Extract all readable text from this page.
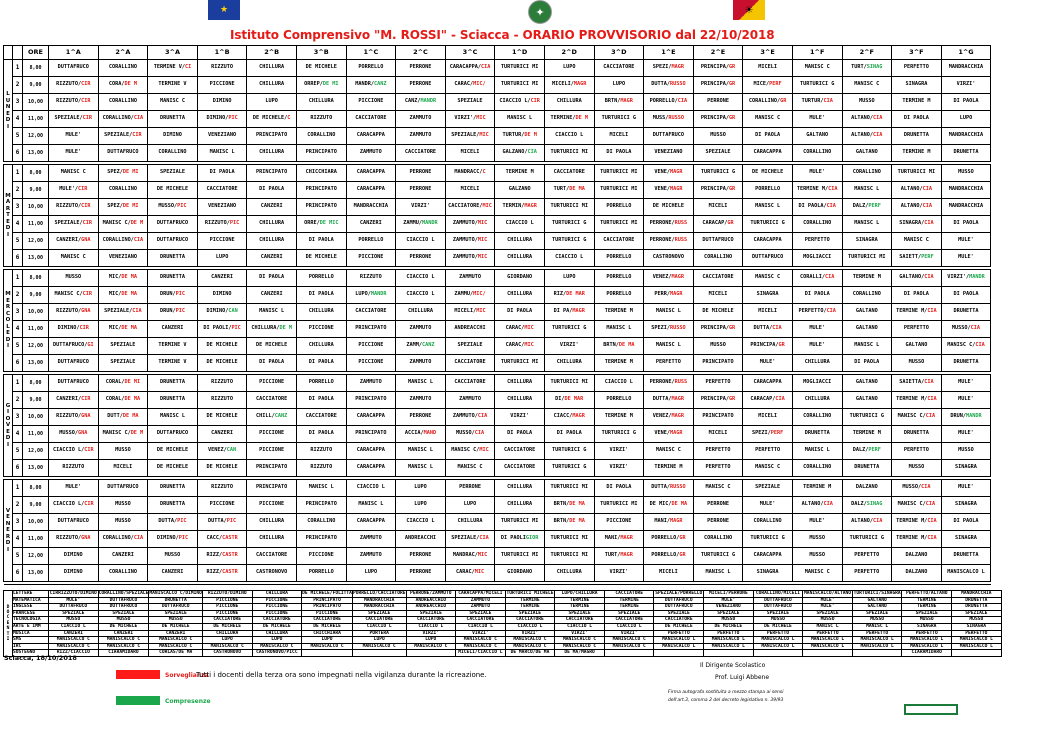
★	✦	☀
Istituto Comprensivo "M. ROSSI" - Sciacca - ORARIO PROVVISORIO dal 22/10/2018
		ORE	1^A	2^A	3^A	1^B	2^B	3^B	1^C	2^C	3^C	1^D	2^D	3^D	1^E	2^E	3^E	1^F	2^F	3^F	1^G
L U N E D I	1	8,00	DUTTAFRUCO	CORALLINO	TERMINE V/CI	RIZZUTO	CHILLURA	DE MICHELE	PORRELLO	PERRONE	CARACAPPA/CIA	TURTURICI MI	LUPO	CACCIATORE	SPEZI/MAGR	PRINCIPA/GR	MICELI	MANISC C	TURT/SINAG	PERFETTO	MANDRACCHIA
	2	9,00	RIZZUTO/CIR	CORA/DE M	TERMINE V	PICCIONE	CHILLURA	ORREP/DE MI	MANDR/CANZ	PERRONE	CARAC/MIC/	TURTURICI MI	MICELI/MAGR	LUPO	DUTTA/RUSSO	PRINCIPA/GR	MICE/PERF	TURTURICI G	MANISC C	SINAGRA	VIRZI'
	3	10,00	RIZZUTO/CIR	CORALLINO	MANISC C	DIMINO	LUPO	CHILLURA	PICCIONE	CANZ/MANDR	SPEZIALE	CIACCIO L/CIR	CHILLURA	BRTN/MAGR	PORRELLO/CIA	PERRONE	CORALLINO/GR	TURTUR/CIA	MUSSO	TERMINE M	DI PAOLA
	4	11,00	SPEZIALE/CIR	CORALLINO/CIA	DRUNETTA	DIMINO/PIC	DE MICHELE/C	RIZZUTO	CACCIATORE	ZAMMUTO	VIRZI'/MIC	MANISC L	TERMINE/DE M	TURTURICI G	MUSS/RUSSO	PRINCIPA/GR	MANISC C	MULE'	ALTANO/CIA	DI PAOLA	LUPO
	5	12,00	MULE'	SPEZIALE/CIR	DIMINO	VENEZIANO	PRINCIPATO	CORALLINO	CARACAPPA	ZAMMUTO	SPEZIALE/MIC	TURTUR/DE M	CIACCIO L	MICELI	DUTTAFRUCO	MUSSO	DI PAOLA	GALTANO	ALTANO/CIA	DRUNETTA	MANDRACCHIA
	6	13,00	MULE'	DUTTAFRUCO	CORALLINO	MANISC L	CHILLURA	PRINCIPATO	ZAMMUTO	CACCIATORE	MICELI	GALZANO/CIA	TURTURICI MI	DI PAOLA	VENEZIANO	SPEZIALE	CARACAPPA	CORALLINO	GALTANO	TERMINE M	DRUNETTA

M A R T E D I	1	8,00	MANISC C	SPEZ/DE MI	SPEZIALE	DI PAOLA	PRINCIPATO	CHICCHIARA	CARACAPPA	PERRONE	MANDRACC/C	TERMINE M	CACCIATORE	TURTURICI MI	VENE/MAGR	TURTURICI G	DE MICHELE	MULE'	CORALLINO	TURTURICI MI	MUSSO
	2	9,00	MULE'/CIR	CORALLINO	DE MICHELE	CACCIATORE	DI PAOLA	PRINCIPATO	CARACAPPA	PERRONE	MICELI	GALZANO	TURT/DE MA	TURTURICI MI	VENE/MAGR	PRINCIPA/GR	PORRELLO	TERMINE M/CIA	MANISC L	ALTANO/CIA	MANDRACCHIA
	3	10,00	RIZZUTO/CIR	SPEZ/DE MI	MUSSO/PIC	VENEZIANO	CANZERI	PRINCIPATO	MANDRACCHIA	VIRZI'	CACCIATORE/MIC	TERMIN/MAGR	TURTURICI MI	PORRELLO	DE MICHELE	MICELI	MANISC L	DI PAOLA/CIA	DALZ/PERF	ALTANO/CIA	MANDRACCHIA
	4	11,00	SPEZIALE/CIR	MANISC C/DE M	DUTTAFRUCO	RIZZUTO/PIC	CHILLURA	ORRE/DE MIC	CANZERI	ZAMMU/MANDR	ZAMMUTO/MIC	CIACCIO L	TURTURICI G	TURTURICI MI	PERRONE/RUSS	CARACAP/GR	TURTURICI G	CORALLINO	MANISC L	SINAGRA/CIA	DI PAOLA
	5	12,00	CANZERI/GNA	CORALLINO/CIA	DUTTAFRUCO	PICCIONE	CHILLURA	DI PAOLA	PORRELLO	CIACCIO L	ZAMMUTO/MIC	CHILLURA	TURTURICI G	CACCIATORE	PERRONE/RUSS	DUTTAFRUCO	CARACAPPA	PERFETTO	SINAGRA	MANISC C	MULE'
	6	13,00	MANISC C	VENEZIANO	DRUNETTA	LUPO	CANZERI	DE MICHELE	PICCIONE	PERRONE	ZAMMUTO/MIC	CHILLURA	CIACCIO L	PORRELLO	CASTRONOVO	CORALLINO	DUTTAFRUCO	MOGLIACCI	TURTURICI MI	SAIETT/PERF	MULE'

M E R C O L E D I	1	8,00	MUSSO	MIC/DE MA	DRUNETTA	CANZERI	DI PAOLA	PORRELLO	RIZZUTO	CIACCIO L	ZAMMUTO	GIORDANO	LUPO	PORRELLO	VENEZ/MAGR	CACCIATORE	MANISC C	CORALLI/CIA	TERMINE M	GALTANO/CIA	VIRZI'/MANDR
	2	9,00	MANISC C/CIR	MIC/DE MA	DRUN/PIC	DIMINO	CANZERI	DI PAOLA	LUPO/MANDR	CIACCIO L	ZAMMU/MIC/	CHILLURA	RIZ/DE MAR	PORRELLO	PERR/MAGR	MICELI	SINAGRA	DI PAOLA	CORALLINO	DI PAOLA	DI PAOLA
	3	10,00	RIZZUTO/GNA	SPEZIALE/CIA	DRUN/PIC	DIMINO/CAN	MANISC L	CHILLURA	CACCIATORE	CHILLURA	MICELI/MIC	DI PAOLA	DI PA/MAGR	TERMINE M	MANISC L	DE MICHELE	MICELI	PERFETTO/CIA	GALTANO	TERMINE M/CIA	DRUNETTA
	4	11,00	DIMINO/CIR	MIC/DE MA	CANZERI	DI PAOLI/PIC	CHILLURA/DE M	PICCIONE	PRINCIPATO	ZAMMUTO	ANDREACCHI	CARAC/MIC	TURTURICI G	MANISC L	SPEZI/RUSSO	PRINCIPA/GR	DUTTA/CIA	MULE'	GALTANO	PERFETTO	MUSSO/CIA
	5	12,00	DUTTAFRUCO/GI	SPEZIALE	TERMINE V	DE MICHELE	DE MICHELE	CHILLURA	PICCIONE	ZAMM/CANZ	SPEZIALE	CARAC/MIC	VIRZI'	BRTN/DE MA	MANISC L	MUSSO	PRINCIPA/GR	MULE'	MANISC L	GALTANO	MANISC C/CIA
	6	13,00	DUTTAFRUCO	SPEZIALE	TERMINE V	DE MICHELE	DI PAOLA	DI PAOLA	PICCIONE	ZAMMUTO	CACCIATORE	TURTURICI MI	CHILLURA	TERMINE M	PERFETTO	PRINCIPATO	MULE'	CHILLURA	DI PAOLA	MUSSO	DRUNETTA

G I O V E D I	1	8,00	DUTTAFRUCO	CORAL/DE MI	DRUNETTA	RIZZUTO	PICCIONE	PORRELLO	ZAMMUTO	MANISC L	CACCIATORE	CHILLURA	TURTURICI MI	CIACCIO L	PERRONE/RUSS	PERFETTO	CARACAPPA	MOGLIACCI	GALTANO	SAIETTA/CIA	MULE'
	2	9,00	CANZERI/CIR	CORAL/DE MA	DRUNETTA	RIZZUTO	CACCIATORE	DI PAOLA	PRINCIPATO	ZAMMUTO	ZAMMUTO	CHILLURA	DI/DE MAR	PORRELLO	DUTTA/MAGR	PRINCIPA/GR	CARACAP/CIA	CHILLURA	GALTANO	TERMINE M/CIA	MULE'
	3	10,00	RIZZUTO/GNA	DUTT/DE MA	MANISC L	DE MICHELE	CHILL/CANZ	CACCIATORE	CARACAPPA	PERRONE	ZAMMUTO/CIA	VIRZI'	CIACC/MAGR	TERMINE M	VENEZ/MAGR	PRINCIPATO	MICELI	CORALLINO	TURTURICI G	MANISC C/CIA	DRUN/MANDR
	4	11,00	MUSSO/GNA	MANISC C/DE M	DUTTAFRUCO	CANZERI	PICCIONE	DI PAOLA	PRINCIPATO	ACCIA/MAND	MUSSO/CIA	DI PAOLA	DI PAOLA	TURTURICI G	VENE/MAGR	MICELI	SPEZI/PERF	DRUNETTA	TERMINE M	DRUNETTA	MULE'
	5	12,00	CIACCIO L/CIR	MUSSO	DE MICHELE	VENEZ/CAN	PICCIONE	RIZZUTO	CARACAPPA	MANISC L	MANISC C/MIC	CACCIATORE	TURTURICI G	VIRZI'	MANISC C	PERFETTO	PERFETTO	MANISC L	DALZ/PERF	PERFETTO	MUSSO
	6	13,00	RIZZUTO	MICELI	DE MICHELE	DE MICHELE	PRINCIPATO	RIZZUTO	CARACAPPA	MANISC L	MANISC C	CACCIATORE	TURTURICI G	VIRZI'	TERMINE M	PERFETTO	MANISC C	CORALLINO	DRUNETTA	MUSSO	SINAGRA

V E N E R D I	1	8,00	MULE'	DUTTAFRUCO	DRUNETTA	RIZZUTO	PRINCIPATO	MANISC L	CIACCIO L	LUPO	PERRONE	CHILLURA	TURTURICI MI	DI PAOLA	DUTTA/RUSSO	MANISC C	SPEZIALE	TERMINE M	DALZANO	MUSSO/CIA	MULE'
	2	9,00	CIACCIO L/CIR	MUSSO	DRUNETTA	PICCIONE	PICCIONE	PRINCIPATO	MANISC L	LUPO	LUPO	CHILLURA	BRTN/DE MA	TURTURICI MI	DE MIC/DE MA	PERRONE	MULE'	ALTANO/CIA	DALZ/SINAG	MANISC C/CIA	SINAGRA
	3	10,00	DUTTAFRUCO	MUSSO	DUTTA/PIC	DUTTA/PIC	CHILLURA	CORALLINO	CARACAPPA	CIACCIO L	CHILLURA	TURTURICI MI	BRTN/DE MA	PICCIONE	MANI/MAGR	PERRONE	CORALLINO	MULE'	ALTANO/CIA	TERMINE M/CIA	DI PAOLA
	4	11,00	RIZZUTO/GNA	CORALLINO/CIA	DIMINO/PIC	CACC/CASTR	CHILLURA	PRINCIPATO	ZAMMUTO	ANDREACCHI	SPEZIALE/CIA	DI PAOLIGIOR	TURTURICI MI	MANI/MAGR	PORRELLO/GR	CORALLINO	TURTURICI G	MUSSO	TURTURICI G	TERMINE M/CIA	SINAGRA
	5	12,00	DIMINO	CANZERI	MUSSO	RIZZ/CASTR	CACCIATORE	PICCIONE	ZAMMUTO	PERRONE	MANDRAC/MIC	TURTURICI MI	TURTURICI MI	TURT/MAGR	PORRELLO/GR	TURTURICI G	CARACAPPA	MUSSO	PERFETTO	DALZANO	DRUNETTA
	6	13,00	DIMINO	CORALLINO	CANZERI	RIZZ/CASTR	CASTRONOVO	PORRELLO	LUPO	PERRONE	CARAC/MIC	GIORDANO	CHILLURA	VIRZI'	MICELI	MANISC L	SINAGRA	MANISC C	PERFETTO	DALZANO	MANISCALCO L

D O C E N T I	LETTERE	CIRRIZZUTO/DIMINO	CORALLINO/SPEZIALE	MANISCALCO C/DIMINO	RIZZUTO/DIMINO	CHILLURA	DE MICHELE/FOLITTA	PORRELLO/CACCIATORE	PERRONE/ZAMMUTO	CARACAPPA/MICELI	TURTURICI MICHELE	LUPO/CHILLURA	CACCIATORE	SPEZIALE/PORRELLO	MICELI/PERRONE	CORALLINO/MICELI	MANISCALCO/ALTANO	TURTURICI/SINAGRA	PERFETTO/ALTANO	MANDRACCHIA
	MATEMATICA	MULE'	DUTTAFRUCO	DRUNETTA	PICCIONE	PICCIONE	PRINCIPATO	MANDRACCHIA	ANDREACCHIO	ZAMMUTO	TERMINE	TERMINE	TERMINE	DUTTAFRUCO	MULE'	DUTTAFRUCO	MULE'	GALTANO	TERMINE	DRUNETTA
	INGLESE	DUTTAFRUCO	DUTTAFRUCO	DUTTAFRUCO	PICCIONE	PICCIONE	PRINCIPATO	MANDRACCHIA	ANDREACCHIO	ZAMMUTO	TERMINE	TERMINE	TERMINE	DUTTAFRUCO	VENEZIANO	DUTTAFRUCO	MULE'	GALTANO	TERMINE	DRUNETTA
	FRANCESE	SPEZIALE	SPEZIALE	SPEZIALE	PICCIONE	PICCIONE	PICCIONE	SPEZIALE	SPEZIALE	SPEZIALE	SPEZIALE	SPEZIALE	SPEZIALE	SPEZIALE	SPEZIALE	SPEZIALE	SPEZIALE	SPEZIALE	SPEZIALE	SPEZIALE
	TECNOLOGIA	MUSSO	MUSSO	MUSSO	CACCIATORE	CACCIATORE	CACCIATORE	CACCIATORE	CACCIATORE	CACCIATORE	CACCIATORE	CACCIATORE	CACCIATORE	CACCIATORE	MUSSO	MUSSO	MUSSO	MUSSO	MUSSO	MUSSO
	ARTE E IMM	CIACCIO L	DE MICHELE	DE MICHELE	DE MICHELE	DE MICHELE	DE MICHELE	CIACCIO L	CIACCIO L	CIACCIO L	CIACCIO L	CIACCIO L	CIACCIO L	DE MICHELE	DE MICHELE	DE MICHELE	MANISC L	MANISC L	SINAGRA	SINAGRA
	MUSICA	CANZERI	CANZERI	CANZERI	CHILLURA	CHILLURA	CHICCHIARA	PORTERA	VIRZI'	VIRZI'	VIRZI'	VIRZI'	VIRZI'	PERFETTO	PERFETTO	PERFETTO	PERFETTO	PERFETTO	PERFETTO	PERFETTO
	SMS	MANISCALCO C	MANISCALCO C	MANISCALCO C	LUPO	LUPO	LUPO	LUPO	LUPO	MANISCALCO C	MANISCALCO C	MANISCALCO C	MANISCALCO C	MANISCALCO L	MANISCALCO L	MANISCALCO L	MANISCALCO L	MANISCALCO L	MANISCALCO L	MANISCALCO L
	IRC	MANISCALCO C	MANISCALCO C	MANISCALCO C	MANISCALCO C	MANISCALCO C	MANISCALCO C	MANISCALCO C	MANISCALCO C	MANISCALCO C	MANISCALCO C	MANISCALCO C	MANISCALCO C	MANISCALCO L	MANISCALCO L	MANISCALCO L	MANISCALCO L	MANISCALCO L	MANISCALCO L	MANISCALCO L
	SOSTEGNO	RIZZ/CIACCIO	CIARAMIDARO	CORLAS/DE MA	CASTRONOVO	CASTRONOVO/PICC				MICELI/CIACCIO L	DE MARCO/DE MA	DE MA/MAGRO							CIARAMIDARO	
Sciacca, 18/10/2018
Sorveglianza
Tutti i docenti della terza ora sono impegnati nella vigilanza durante la ricreazione.
Compresenze
Il Dirigente Scolastico
Prof. Luigi Abbene
Firma autografa sostituita a mezzo stampa ai sensi
dell'art.3, comma 2 del decreto legislativo n. 39/93
